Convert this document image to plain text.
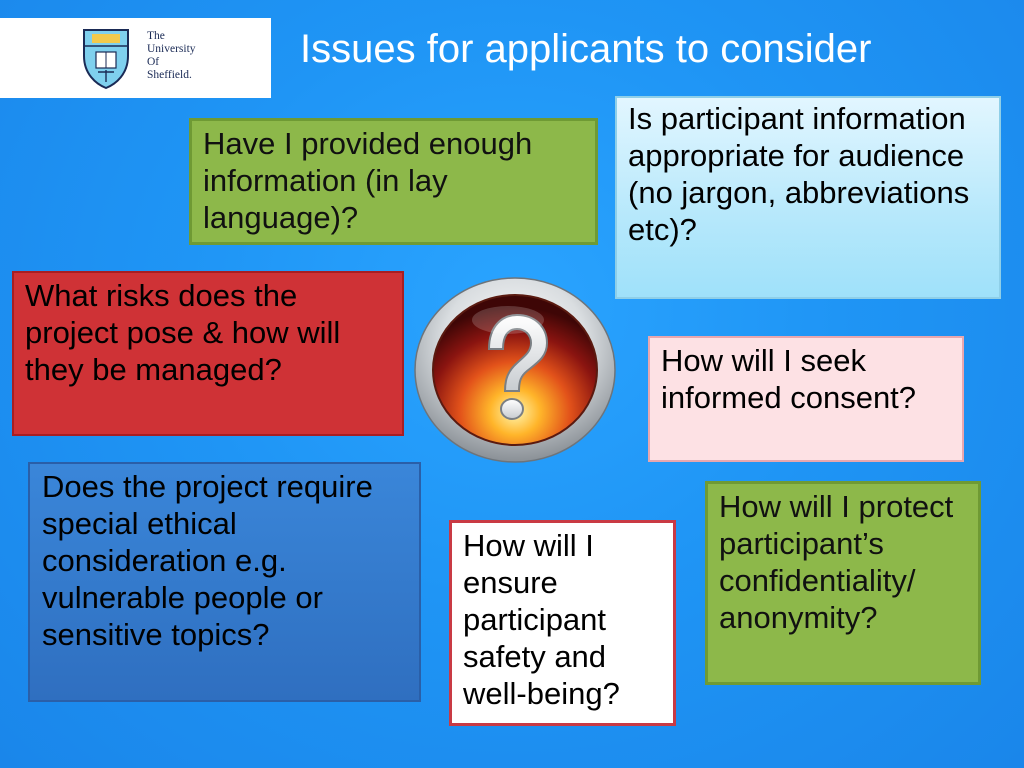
The
University
Of
Sheffield.
Issues for applicants to consider
Have I provided enough information (in lay language)?
Is participant information appropriate for audience (no jargon, abbreviations etc)?
What risks does the project pose & how will they be managed?	How will I seek informed consent?
Does the project require special ethical consideration e.g. vulnerable people or sensitive topics?
How will I ensure participant safety and well-being?
How will I protect participant’s confidentiality/ anonymity?
